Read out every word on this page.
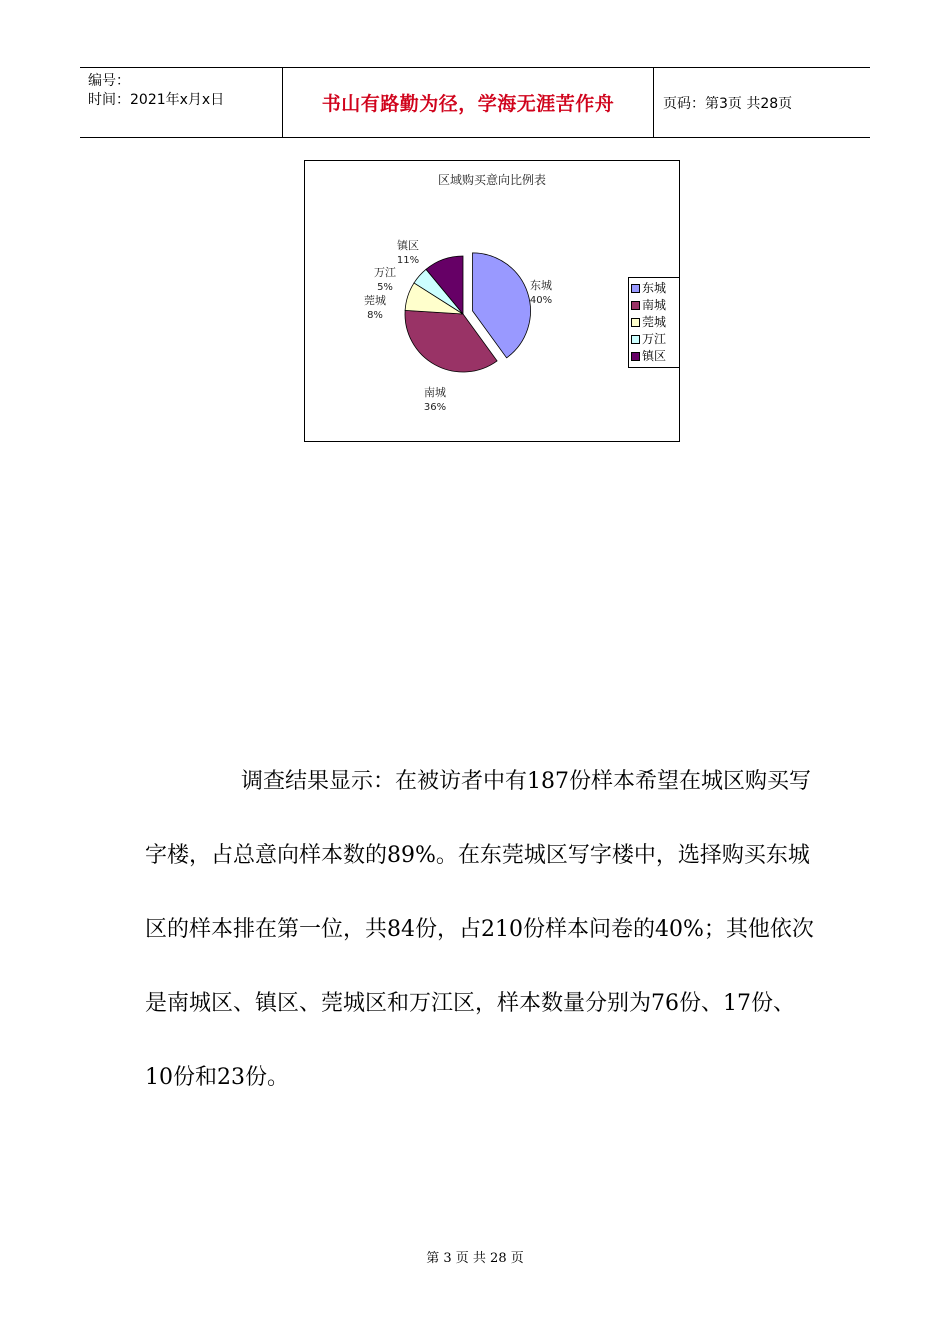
编号：
时间：2021年x月x日	书山有路勤为径，学海无涯苦作舟	页码：第3页 共28页
区域购买意向比例表
东城
40%
南城
36%
莞城
8%
万江
5%
镇区
11%
东城
南城
莞城
万江
镇区

调查结果显示：在被访者中有187份样本希望在城区购买写字楼，占总意向样本数的89%。在东莞城区写字楼中，选择购买东城区的样本排在第一位，共84份，占210份样本问卷的40%；其他依次是南城区、镇区、莞城区和万江区，样本数量分别为76份、17份、10份和23份。

第 3 页 共 28 页
